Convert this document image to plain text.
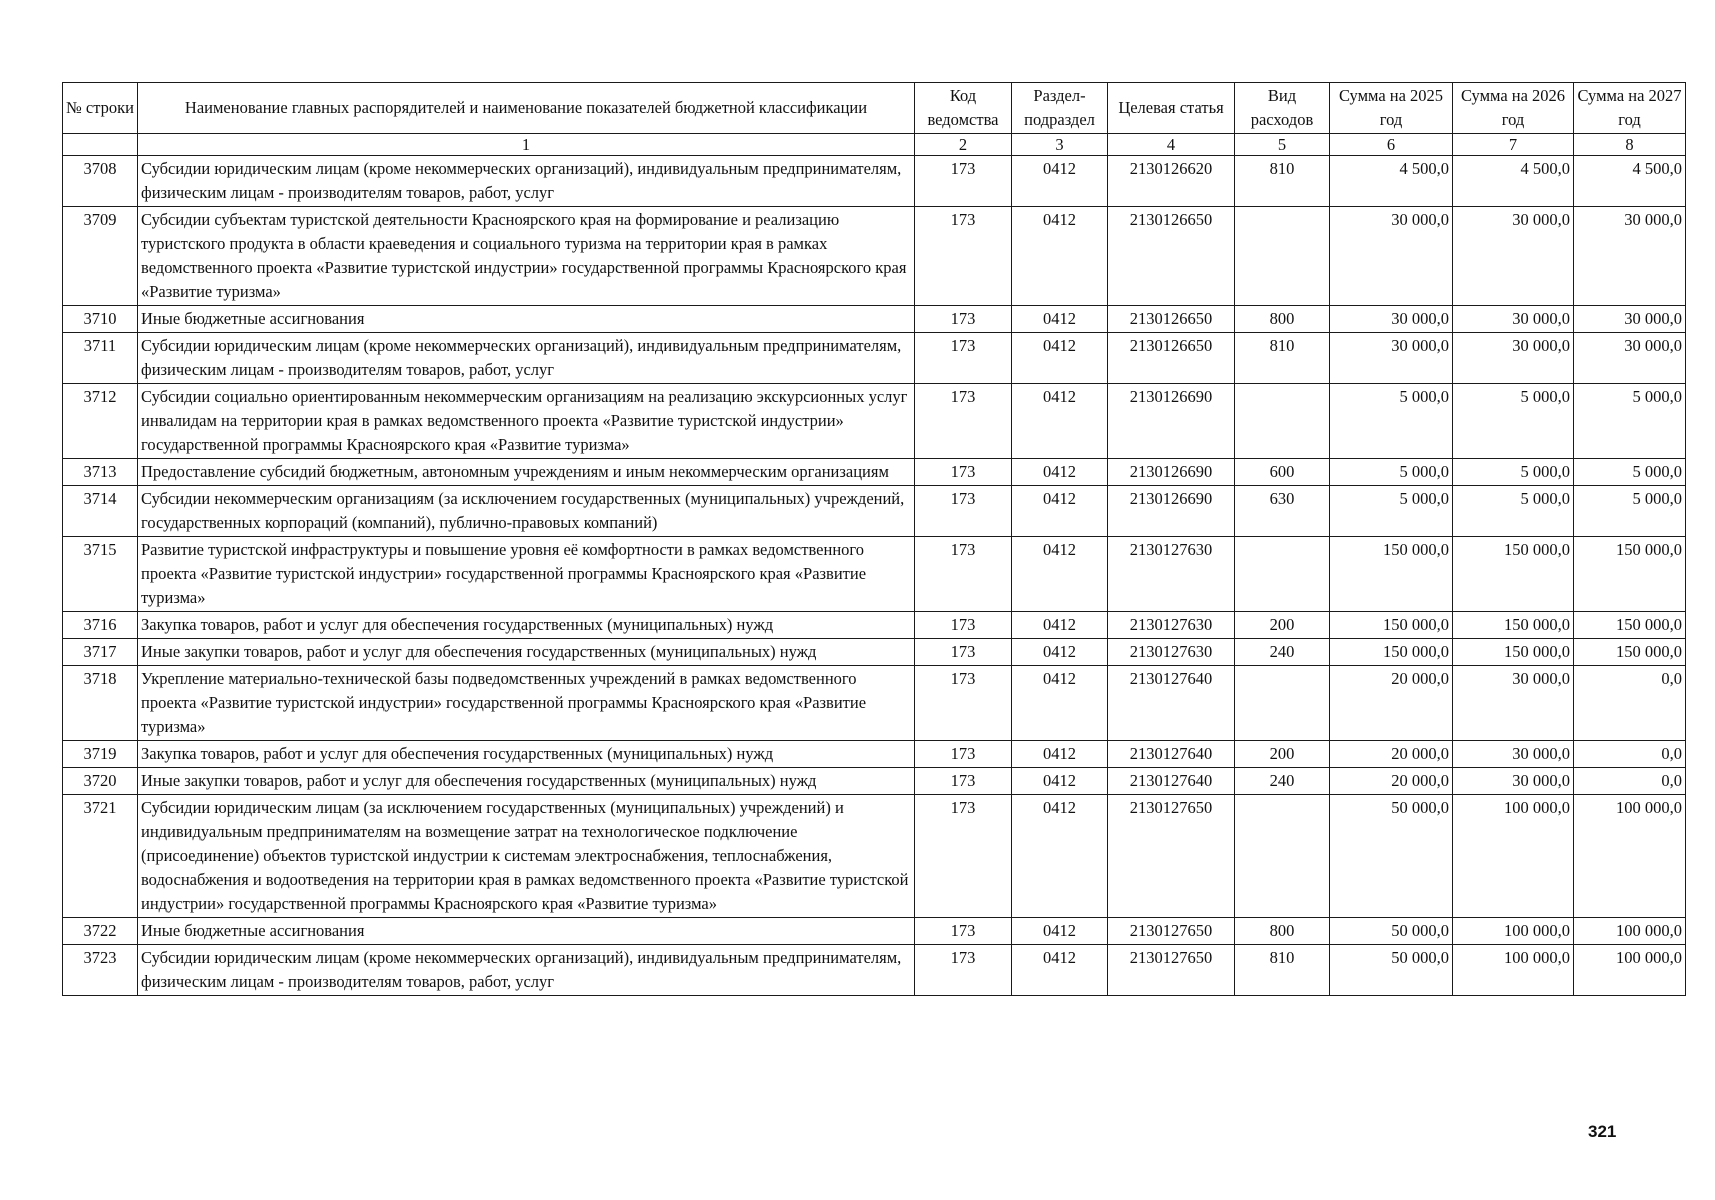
№ строки	Наименование главных распорядителей и наименование показателей бюджетной классификации	Код ведомства	Раздел-подраздел	Целевая статья	Вид расходов	Сумма на 2025 год	Сумма на 2026 год	Сумма на 2027 год
	1	2	3	4	5	6	7	8
3708	Субсидии юридическим лицам (кроме некоммерческих организаций), индивидуальным предпринимателям, физическим лицам - производителям товаров, работ, услуг	173	0412	2130126620	810	4 500,0	4 500,0	4 500,0
3709	Субсидии субъектам туристской деятельности Красноярского края на формирование и реализацию туристского продукта в области краеведения и социального туризма на территории края в рамках ведомственного проекта «Развитие туристской индустрии» государственной программы Красноярского края «Развитие туризма»	173	0412	2130126650		30 000,0	30 000,0	30 000,0
3710	Иные бюджетные ассигнования	173	0412	2130126650	800	30 000,0	30 000,0	30 000,0
3711	Субсидии юридическим лицам (кроме некоммерческих организаций), индивидуальным предпринимателям, физическим лицам - производителям товаров, работ, услуг	173	0412	2130126650	810	30 000,0	30 000,0	30 000,0
3712	Субсидии социально ориентированным некоммерческим организациям на реализацию экскурсионных услуг инвалидам на территории края в рамках ведомственного проекта «Развитие туристской индустрии» государственной программы Красноярского края «Развитие туризма»	173	0412	2130126690		5 000,0	5 000,0	5 000,0
3713	Предоставление субсидий бюджетным, автономным учреждениям и иным некоммерческим организациям	173	0412	2130126690	600	5 000,0	5 000,0	5 000,0
3714	Субсидии некоммерческим организациям (за исключением государственных (муниципальных) учреждений, государственных корпораций (компаний), публично-правовых компаний)	173	0412	2130126690	630	5 000,0	5 000,0	5 000,0
3715	Развитие туристской инфраструктуры и повышение уровня её комфортности в рамках ведомственного проекта «Развитие туристской индустрии» государственной программы Красноярского края «Развитие туризма»	173	0412	2130127630		150 000,0	150 000,0	150 000,0
3716	Закупка товаров, работ и услуг для обеспечения государственных (муниципальных) нужд	173	0412	2130127630	200	150 000,0	150 000,0	150 000,0
3717	Иные закупки товаров, работ и услуг для обеспечения государственных (муниципальных) нужд	173	0412	2130127630	240	150 000,0	150 000,0	150 000,0
3718	Укрепление материально-технической базы подведомственных учреждений в рамках ведомственного проекта «Развитие туристской индустрии» государственной программы Красноярского края «Развитие туризма»	173	0412	2130127640		20 000,0	30 000,0	0,0
3719	Закупка товаров, работ и услуг для обеспечения государственных (муниципальных) нужд	173	0412	2130127640	200	20 000,0	30 000,0	0,0
3720	Иные закупки товаров, работ и услуг для обеспечения государственных (муниципальных) нужд	173	0412	2130127640	240	20 000,0	30 000,0	0,0
3721	Субсидии юридическим лицам (за исключением государственных (муниципальных) учреждений) и индивидуальным предпринимателям на возмещение затрат на технологическое подключение (присоединение) объектов туристской индустрии к системам электроснабжения, теплоснабжения, водоснабжения и водоотведения на территории края в рамках ведомственного проекта «Развитие туристской индустрии» государственной программы Красноярского края «Развитие туризма»	173	0412	2130127650		50 000,0	100 000,0	100 000,0
3722	Иные бюджетные ассигнования	173	0412	2130127650	800	50 000,0	100 000,0	100 000,0
3723	Субсидии юридическим лицам (кроме некоммерческих организаций), индивидуальным предпринимателям, физическим лицам - производителям товаров, работ, услуг	173	0412	2130127650	810	50 000,0	100 000,0	100 000,0
321
